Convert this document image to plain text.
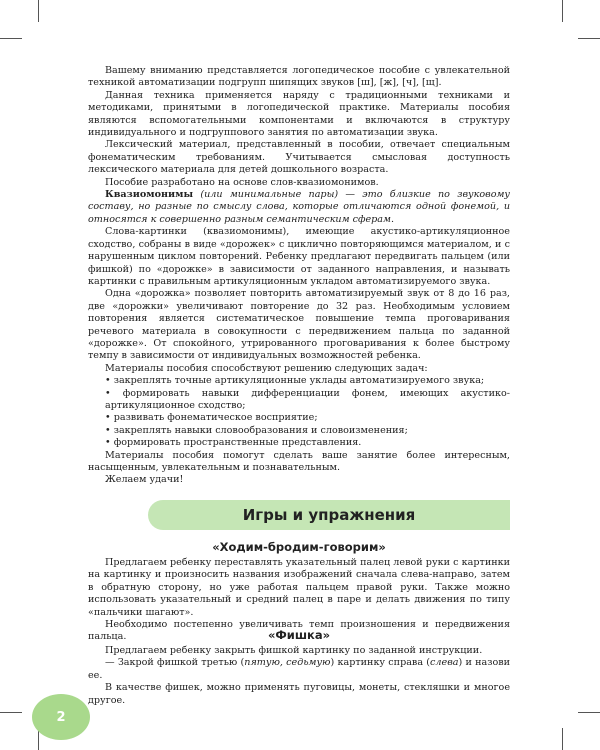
Вашему вниманию представляется логопедическое пособие с увлекательной техникой автоматизации подгрупп шипящих звуков [ш], [ж], [ч], [щ].

Данная техника применяется наряду с традиционными техниками и методиками, принятыми в логопедической практике. Материалы пособия являются вспомогательными компонентами и включаются в структуру индивидуального и подгруппового занятия по автоматизации звука.

Лексический материал, представленный в пособии, отвечает специальным фонематическим требованиям. Учитывается смысловая доступность лексического материала для детей дошкольного возраста.

Пособие разработано на основе слов-квазиомонимов.

Квазиомонимы (или минимальные пары) — это близкие по звуковому составу, но разные по смыслу слова, которые отличаются одной фонемой, и относятся к совершенно разным семантическим сферам.

Слова-картинки (квазиомонимы), имеющие акустико-артикуляционное сходство, собраны в виде «дорожек» с циклично повторяющимся материалом, и с нарушенным циклом повторений. Ребенку предлагают передвигать пальцем (или фишкой) по «дорожке» в зависимости от заданного направления, и называть картинки с правильным артикуляционным укладом автоматизируемого звука.

Одна «дорожка» позволяет повторить автоматизируемый звук от 8 до 16 раз, две «дорожки» увеличивают повторение до 32 раз. Необходимым условием повторения является систематическое повышение темпа проговаривания речевого материала в совокупности с передвижением пальца по заданной «дорожке». От спокойного, утрированного проговаривания к более быстрому темпу в зависимости от индивидуальных возможностей ребенка.

Материалы пособия способствуют решению следующих задач:

• закреплять точные артикуляционные уклады автоматизируемого звука;

• формировать навыки дифференциации фонем, имеющих акустико-артикуляционное сходство;

• развивать фонематическое восприятие;

• закреплять навыки словообразования и словоизменения;

• формировать пространственные представления.

Материалы пособия помогут сделать ваше занятие более интересным, насыщенным, увлекательным и познавательным.

Желаем удачи!

Игры и упражнения
«Ходим-бродим-говорим»

Предлагаем ребенку переставлять указательный палец левой руки с картинки на картинку и произносить названия изображений сначала слева-направо, затем в обратную сторону, но уже работая пальцем правой руки. Также можно использовать указательный и средний палец в паре и делать движения по типу «пальчики шагают».

Необходимо постепенно увеличивать темп произношения и передвижения пальца.	«Фишка»

Предлагаем ребенку закрыть фишкой картинку по заданной инструкции.

— Закрой фишкой третью (пятую, седьмую) картинку справа (слева) и назови ее.

В качестве фишек, можно применять пуговицы, монеты, стекляшки и многое другое.

2
